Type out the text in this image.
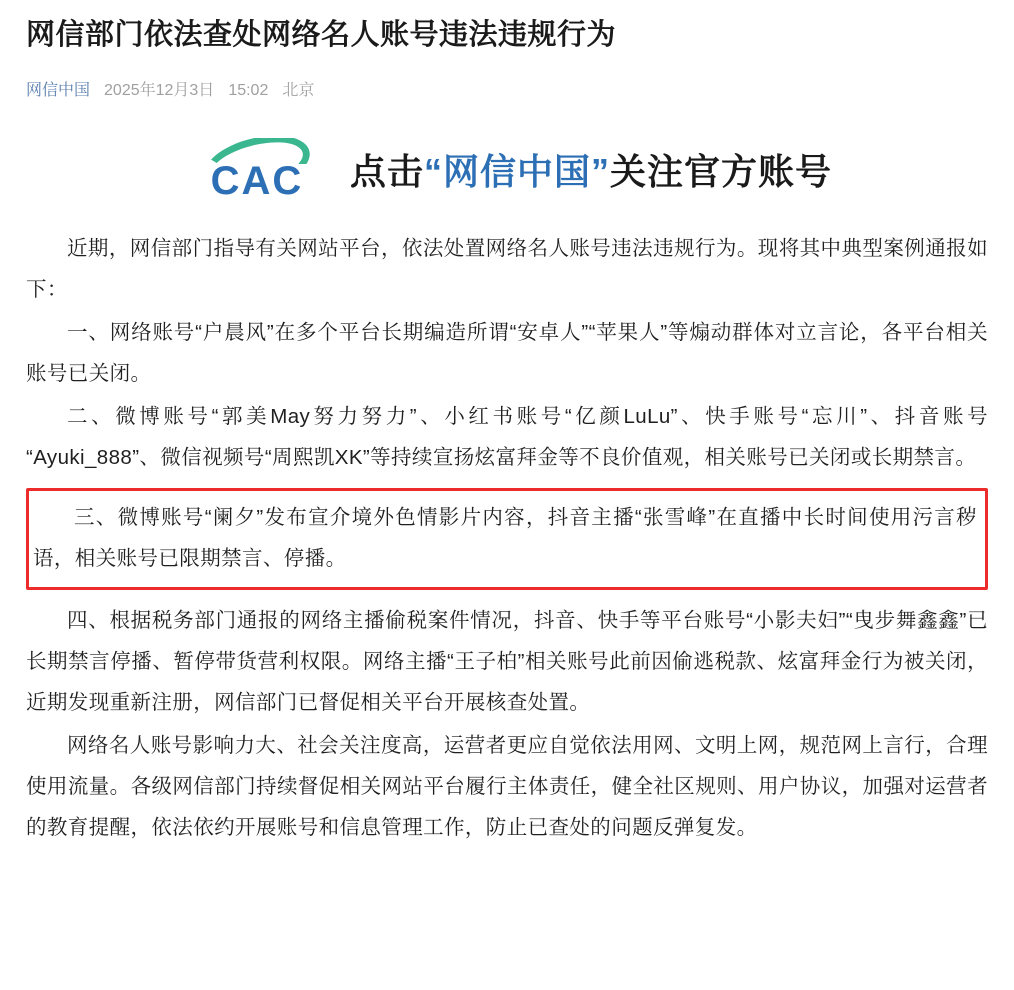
网信部门依法查处网络名人账号违法违规行为
网信中国 2025年12月3日 15:02 北京
CAC 点击“网信中国”关注官方账号

近期，网信部门指导有关网站平台，依法处置网络名人账号违法违规行为。现将其中典型案例通报如下：

一、网络账号“户晨风”在多个平台长期编造所谓“安卓人”“苹果人”等煽动群体对立言论，各平台相关账号已关闭。

二、微博账号“郭美May努力努力”、小红书账号“亿颜LuLu”、快手账号“忘川”、抖音账号“Ayuki_888”、微信视频号“周熙凯XK”等持续宣扬炫富拜金等不良价值观，相关账号已关闭或长期禁言。

三、微博账号“阑夕”发布宣介境外色情影片内容，抖音主播“张雪峰”在直播中长时间使用污言秽语，相关账号已限期禁言、停播。

四、根据税务部门通报的网络主播偷税案件情况，抖音、快手等平台账号“小影夫妇”“曳步舞鑫鑫”已长期禁言停播、暂停带货营利权限。网络主播“王子柏”相关账号此前因偷逃税款、炫富拜金行为被关闭，近期发现重新注册，网信部门已督促相关平台开展核查处置。

网络名人账号影响力大、社会关注度高，运营者更应自觉依法用网、文明上网，规范网上言行，合理使用流量。各级网信部门持续督促相关网站平台履行主体责任，健全社区规则、用户协议，加强对运营者的教育提醒，依法依约开展账号和信息管理工作，防止已查处的问题反弹复发。
